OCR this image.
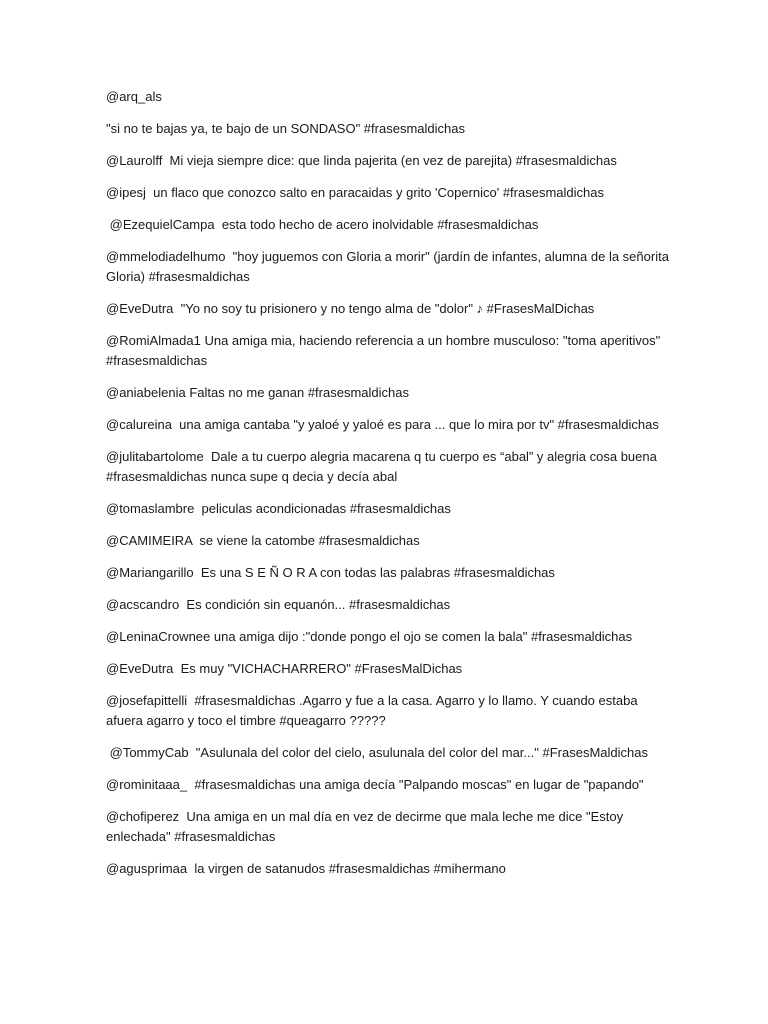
@arq_als

"si no te bajas ya, te bajo de un SONDASO" #frasesmaldichas

@Laurolff  Mi vieja siempre dice: que linda pajerita (en vez de parejita) #frasesmaldichas

@ipesj  un flaco que conozco salto en paracaidas y grito 'Copernico' #frasesmaldichas

@EzequielCampa  esta todo hecho de acero inolvidable #frasesmaldichas

@mmelodiadelhumo  "hoy juguemos con Gloria a morir" (jardín de infantes, alumna de la señorita Gloria) #frasesmaldichas

@EveDutra  "Yo no soy tu prisionero y no tengo alma de "dolor" ♪ #FrasesMalDichas

@RomiAlmada1 Una amiga mia, haciendo referencia a un hombre musculoso: "toma aperitivos" #frasesmaldichas

@aniabelenia Faltas no me ganan #frasesmaldichas

@calureina  una amiga cantaba "y yaloé y yaloé es para ... que lo mira por tv" #frasesmaldichas

@julitabartolome  Dale a tu cuerpo alegria macarena q tu cuerpo es “abal” y alegria cosa buena #frasesmaldichas nunca supe q decia y decía abal

@tomaslambre  peliculas acondicionadas #frasesmaldichas

@CAMIMEIRA  se viene la catombe #frasesmaldichas

@Mariangarillo  Es una S E Ñ O R A con todas las palabras #frasesmaldichas

@acscandro  Es condición sin equanón... #frasesmaldichas

@LeninaCrownee una amiga dijo :"donde pongo el ojo se comen la bala" #frasesmaldichas

@EveDutra  Es muy "VICHACHARRERO" #FrasesMalDichas

@josefapittelli  #frasesmaldichas .Agarro y fue a la casa. Agarro y lo llamo. Y cuando estaba afuera agarro y toco el timbre #queagarro ?????

@TommyCab  "Asulunala del color del cielo, asulunala del color del mar..." #FrasesMaldichas

@rominitaaa_  #frasesmaldichas una amiga decía "Palpando moscas" en lugar de "papando"

@chofiperez  Una amiga en un mal día en vez de decirme que mala leche me dice "Estoy enlechada" #frasesmaldichas

@agusprimaa  la virgen de satanudos #frasesmaldichas #mihermano
